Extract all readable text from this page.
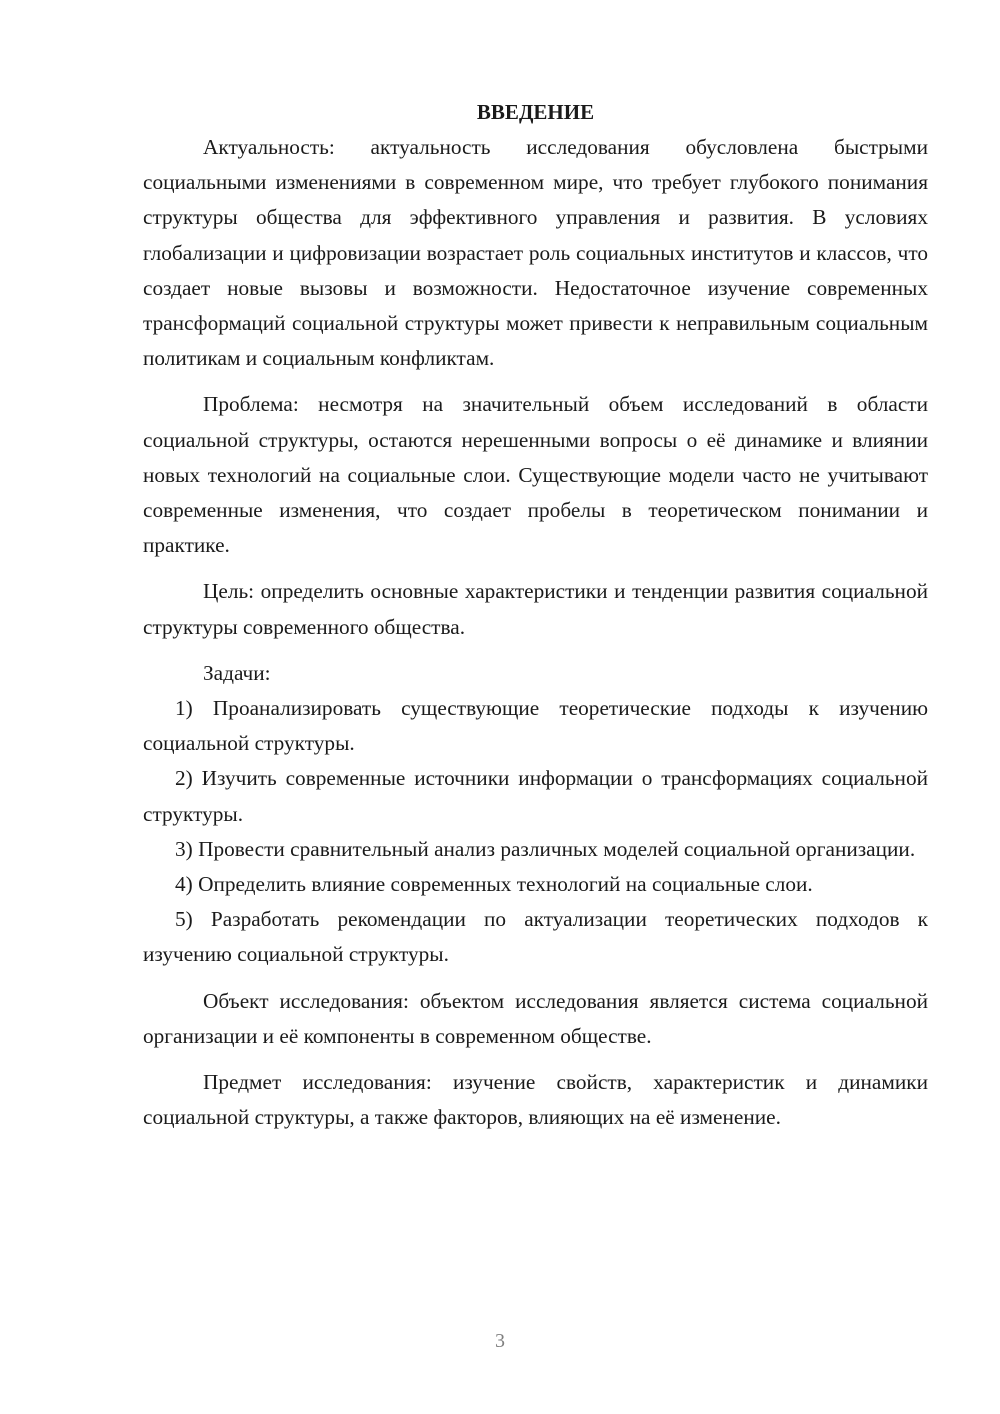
ВВЕДЕНИЕ

Актуальность: актуальность исследования обусловлена быстрыми социальными изменениями в современном мире, что требует глубокого понимания структуры общества для эффективного управления и развития. В условиях глобализации и цифровизации возрастает роль социальных институтов и классов, что создает новые вызовы и возможности. Недостаточное изучение современных трансформаций социальной структуры может привести к неправильным социальным политикам и социальным конфликтам.

Проблема: несмотря на значительный объем исследований в области социальной структуры, остаются нерешенными вопросы о её динамике и влиянии новых технологий на социальные слои. Существующие модели часто не учитывают современные изменения, что создает пробелы в теоретическом понимании и практике.

Цель: определить основные характеристики и тенденции развития социальной структуры современного общества.

Задачи:

1) Проанализировать существующие теоретические подходы к изучению социальной структуры.

2) Изучить современные источники информации о трансформациях социальной структуры.

3) Провести сравнительный анализ различных моделей социальной организации.

4) Определить влияние современных технологий на социальные слои.

5) Разработать рекомендации по актуализации теоретических подходов к изучению социальной структуры.

Объект исследования: объектом исследования является система социальной организации и её компоненты в современном обществе.

Предмет исследования: изучение свойств, характеристик и динамики социальной структуры, а также факторов, влияющих на её изменение.

3
